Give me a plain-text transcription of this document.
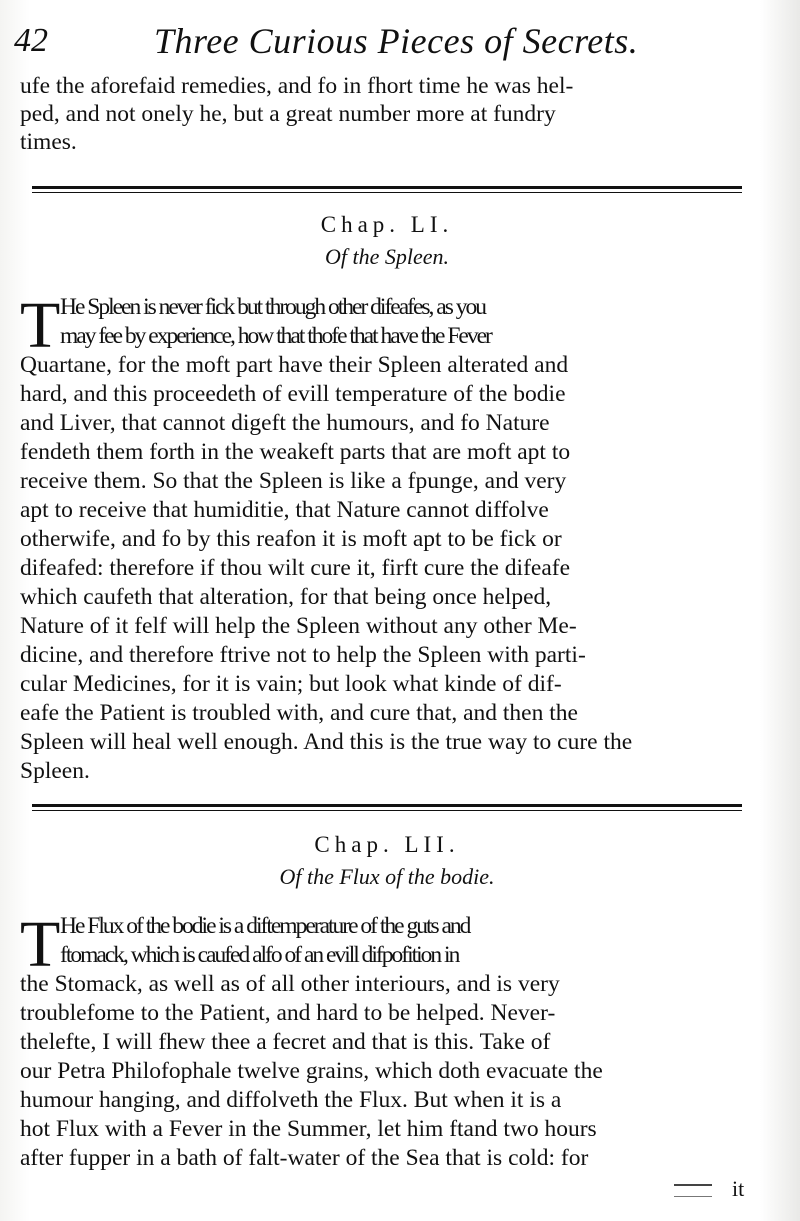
42	Three Curious Pieces of Secrets.
ufe the aforefaid remedies, and fo in fhort time he was hel-
ped, and not onely he, but a great number more at fundry
times.
Chap. LI.
Of the Spleen.
T He Spleen is never fick but through other difeafes, as you
may fee by experience, how that thofe that have the Fever
Quartane, for the moft part have their Spleen alterated and
hard, and this proceedeth of evill temperature of the bodie
and Liver, that cannot digeft the humours, and fo Nature
fendeth them forth in the weakeft parts that are moft apt to
receive them. So that the Spleen is like a fpunge, and very
apt to receive that humiditie, that Nature cannot diffolve
otherwife, and fo by this reafon it is moft apt to be fick or
difeafed: therefore if thou wilt cure it, firft cure the difeafe
which caufeth that alteration, for that being once helped,
Nature of it felf will help the Spleen without any other Me-
dicine, and therefore ftrive not to help the Spleen with parti-
cular Medicines, for it is vain; but look what kinde of dif-
eafe the Patient is troubled with, and cure that, and then the
Spleen will heal well enough. And this is the true way to cure the
Spleen.
Chap. LII.
Of the Flux of the bodie.
T He Flux of the bodie is a diftemperature of the guts and
ftomack, which is caufed alfo of an evill difpofition in
the Stomack, as well as of all other interiours, and is very
troublefome to the Patient, and hard to be helped. Never-
thelefte, I will fhew thee a fecret and that is this. Take of
our Petra Philofophale twelve grains, which doth evacuate the
humour hanging, and diffolveth the Flux. But when it is a
hot Flux with a Fever in the Summer, let him ftand two hours
after fupper in a bath of falt-water of the Sea that is cold: for
it
